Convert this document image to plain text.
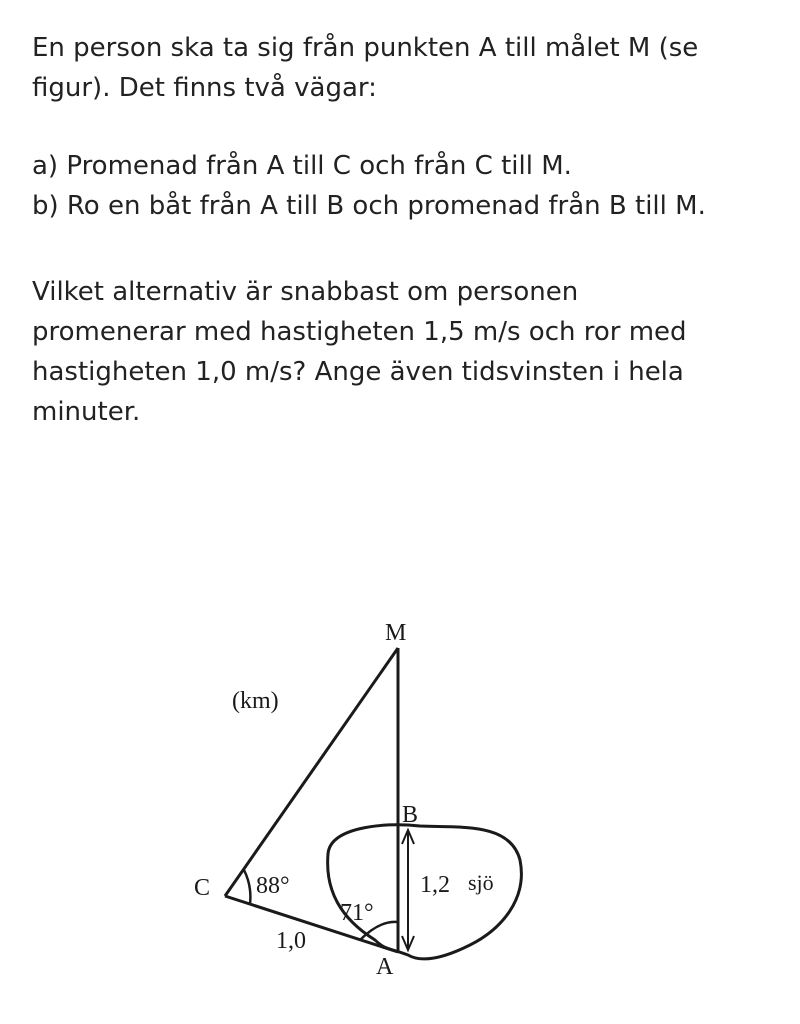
En person ska ta sig från punkten A till målet M (se

figur). Det finns två vägar:

a) Promenad från A till C och från C till M.

b) Ro en båt från A till B och promenad från B till M.

Vilket alternativ är snabbast om personen

promenerar med hastigheten 1,5 m/s och ror med

hastigheten 1,0 m/s? Ange även tidsvinsten i hela

minuter.

M
(km)
B
C 88°	1,2 sjö
71°
1,0
A
